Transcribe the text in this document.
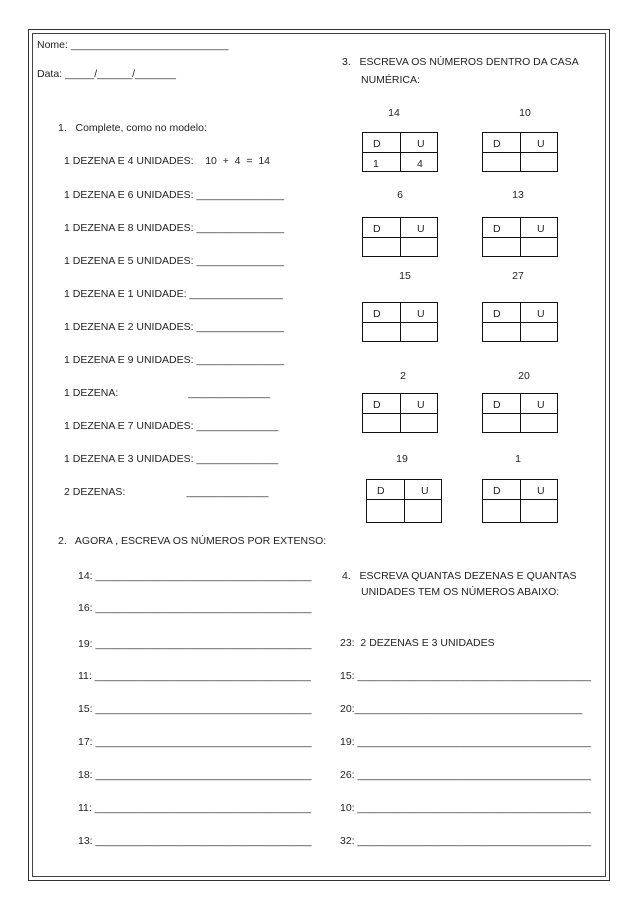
Nome: ___________________________
Data: _____/______/_______
1.   Complete, como no modelo:
1 DEZENA E 4 UNIDADES:    10  +  4  =  14
1 DEZENA E 6 UNIDADES: _______________
1 DEZENA E 8 UNIDADES: _______________
1 DEZENA E 5 UNIDADES: _______________
1 DEZENA E 1 UNIDADE: ________________
1 DEZENA E 2 UNIDADES: _______________
1 DEZENA E 9 UNIDADES: _______________
1 DEZENA:                        ______________
1 DEZENA E 7 UNIDADES: ______________
1 DEZENA E 3 UNIDADES: ______________
2 DEZENAS:                     ______________
2.   AGORA , ESCREVA OS NÚMEROS POR EXTENSO:
14: _____________________________________
16: _____________________________________
19: _____________________________________
11: _____________________________________
15: _____________________________________
17: _____________________________________
18: _____________________________________
11: _____________________________________
13: _____________________________________
3.   ESCREVA OS NÚMEROS DENTRO DA CASA
NUMÉRICA:
14	10
D	U
1	4
D	U
6	13
D	U	D	U
15	27
D	U	D	U
2	20
D	U	D	U
19	1
D	U	D	U
4.   ESCREVA QUANTAS DEZENAS E QUANTAS
UNIDADES TEM OS NÚMEROS ABAIXO:
23:  2 DEZENAS E 3 UNIDADES
15: ________________________________________
20:_______________________________________
19: ________________________________________
26: ________________________________________
10: ________________________________________
32: ________________________________________
